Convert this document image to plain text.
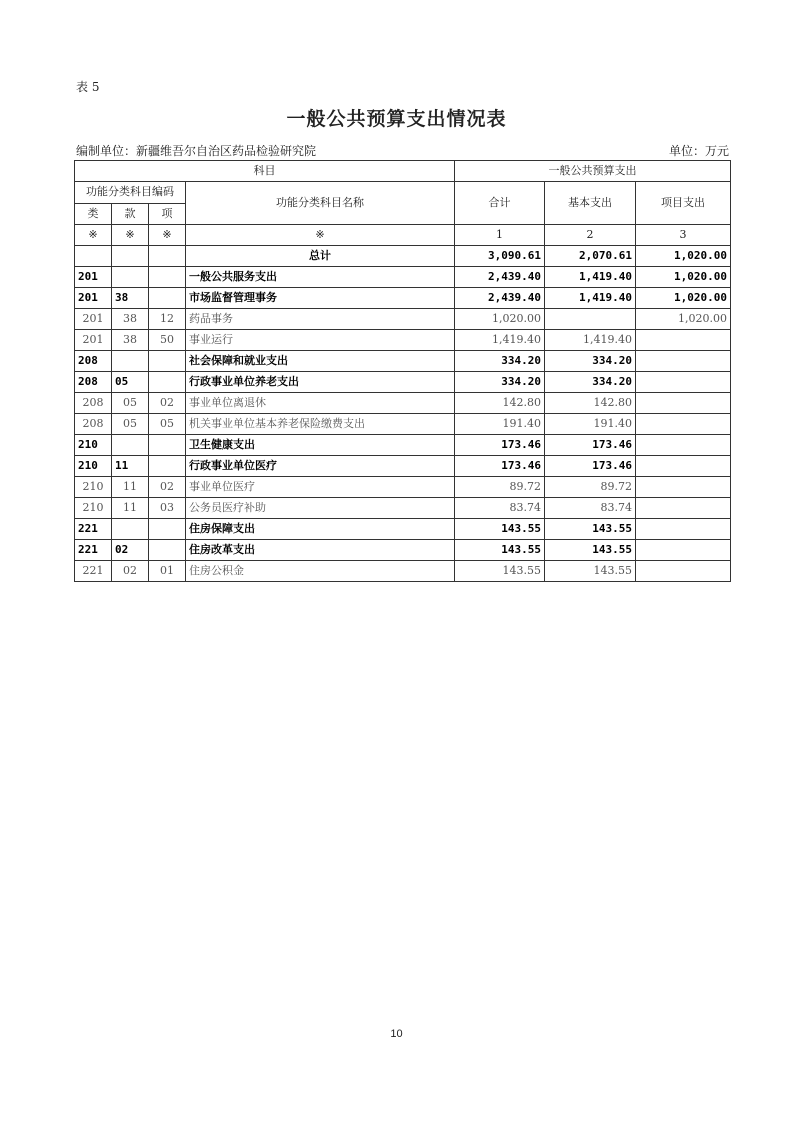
表 5
一般公共预算支出情况表
编制单位：新疆维吾尔自治区药品检验研究院	单位：万元
科目				一般公共预算支出		
功能分类科目编码			功能分类科目名称	合计	基本支出	项目支出
类	款	项				
※	※	※	※	1	2	3
			总计	3,090.61	2,070.61	1,020.00
201			一般公共服务支出	2,439.40	1,419.40	1,020.00
201	38		市场监督管理事务	2,439.40	1,419.40	1,020.00
201	38	12	药品事务	1,020.00		1,020.00
201	38	50	事业运行	1,419.40	1,419.40	
208			社会保障和就业支出	334.20	334.20	
208	05		行政事业单位养老支出	334.20	334.20	
208	05	02	事业单位离退休	142.80	142.80	
208	05	05	机关事业单位基本养老保险缴费支出	191.40	191.40	
210			卫生健康支出	173.46	173.46	
210	11		行政事业单位医疗	173.46	173.46	
210	11	02	事业单位医疗	89.72	89.72	
210	11	03	公务员医疗补助	83.74	83.74	
221			住房保障支出	143.55	143.55	
221	02		住房改革支出	143.55	143.55	
221	02	01	住房公积金	143.55	143.55	
10
